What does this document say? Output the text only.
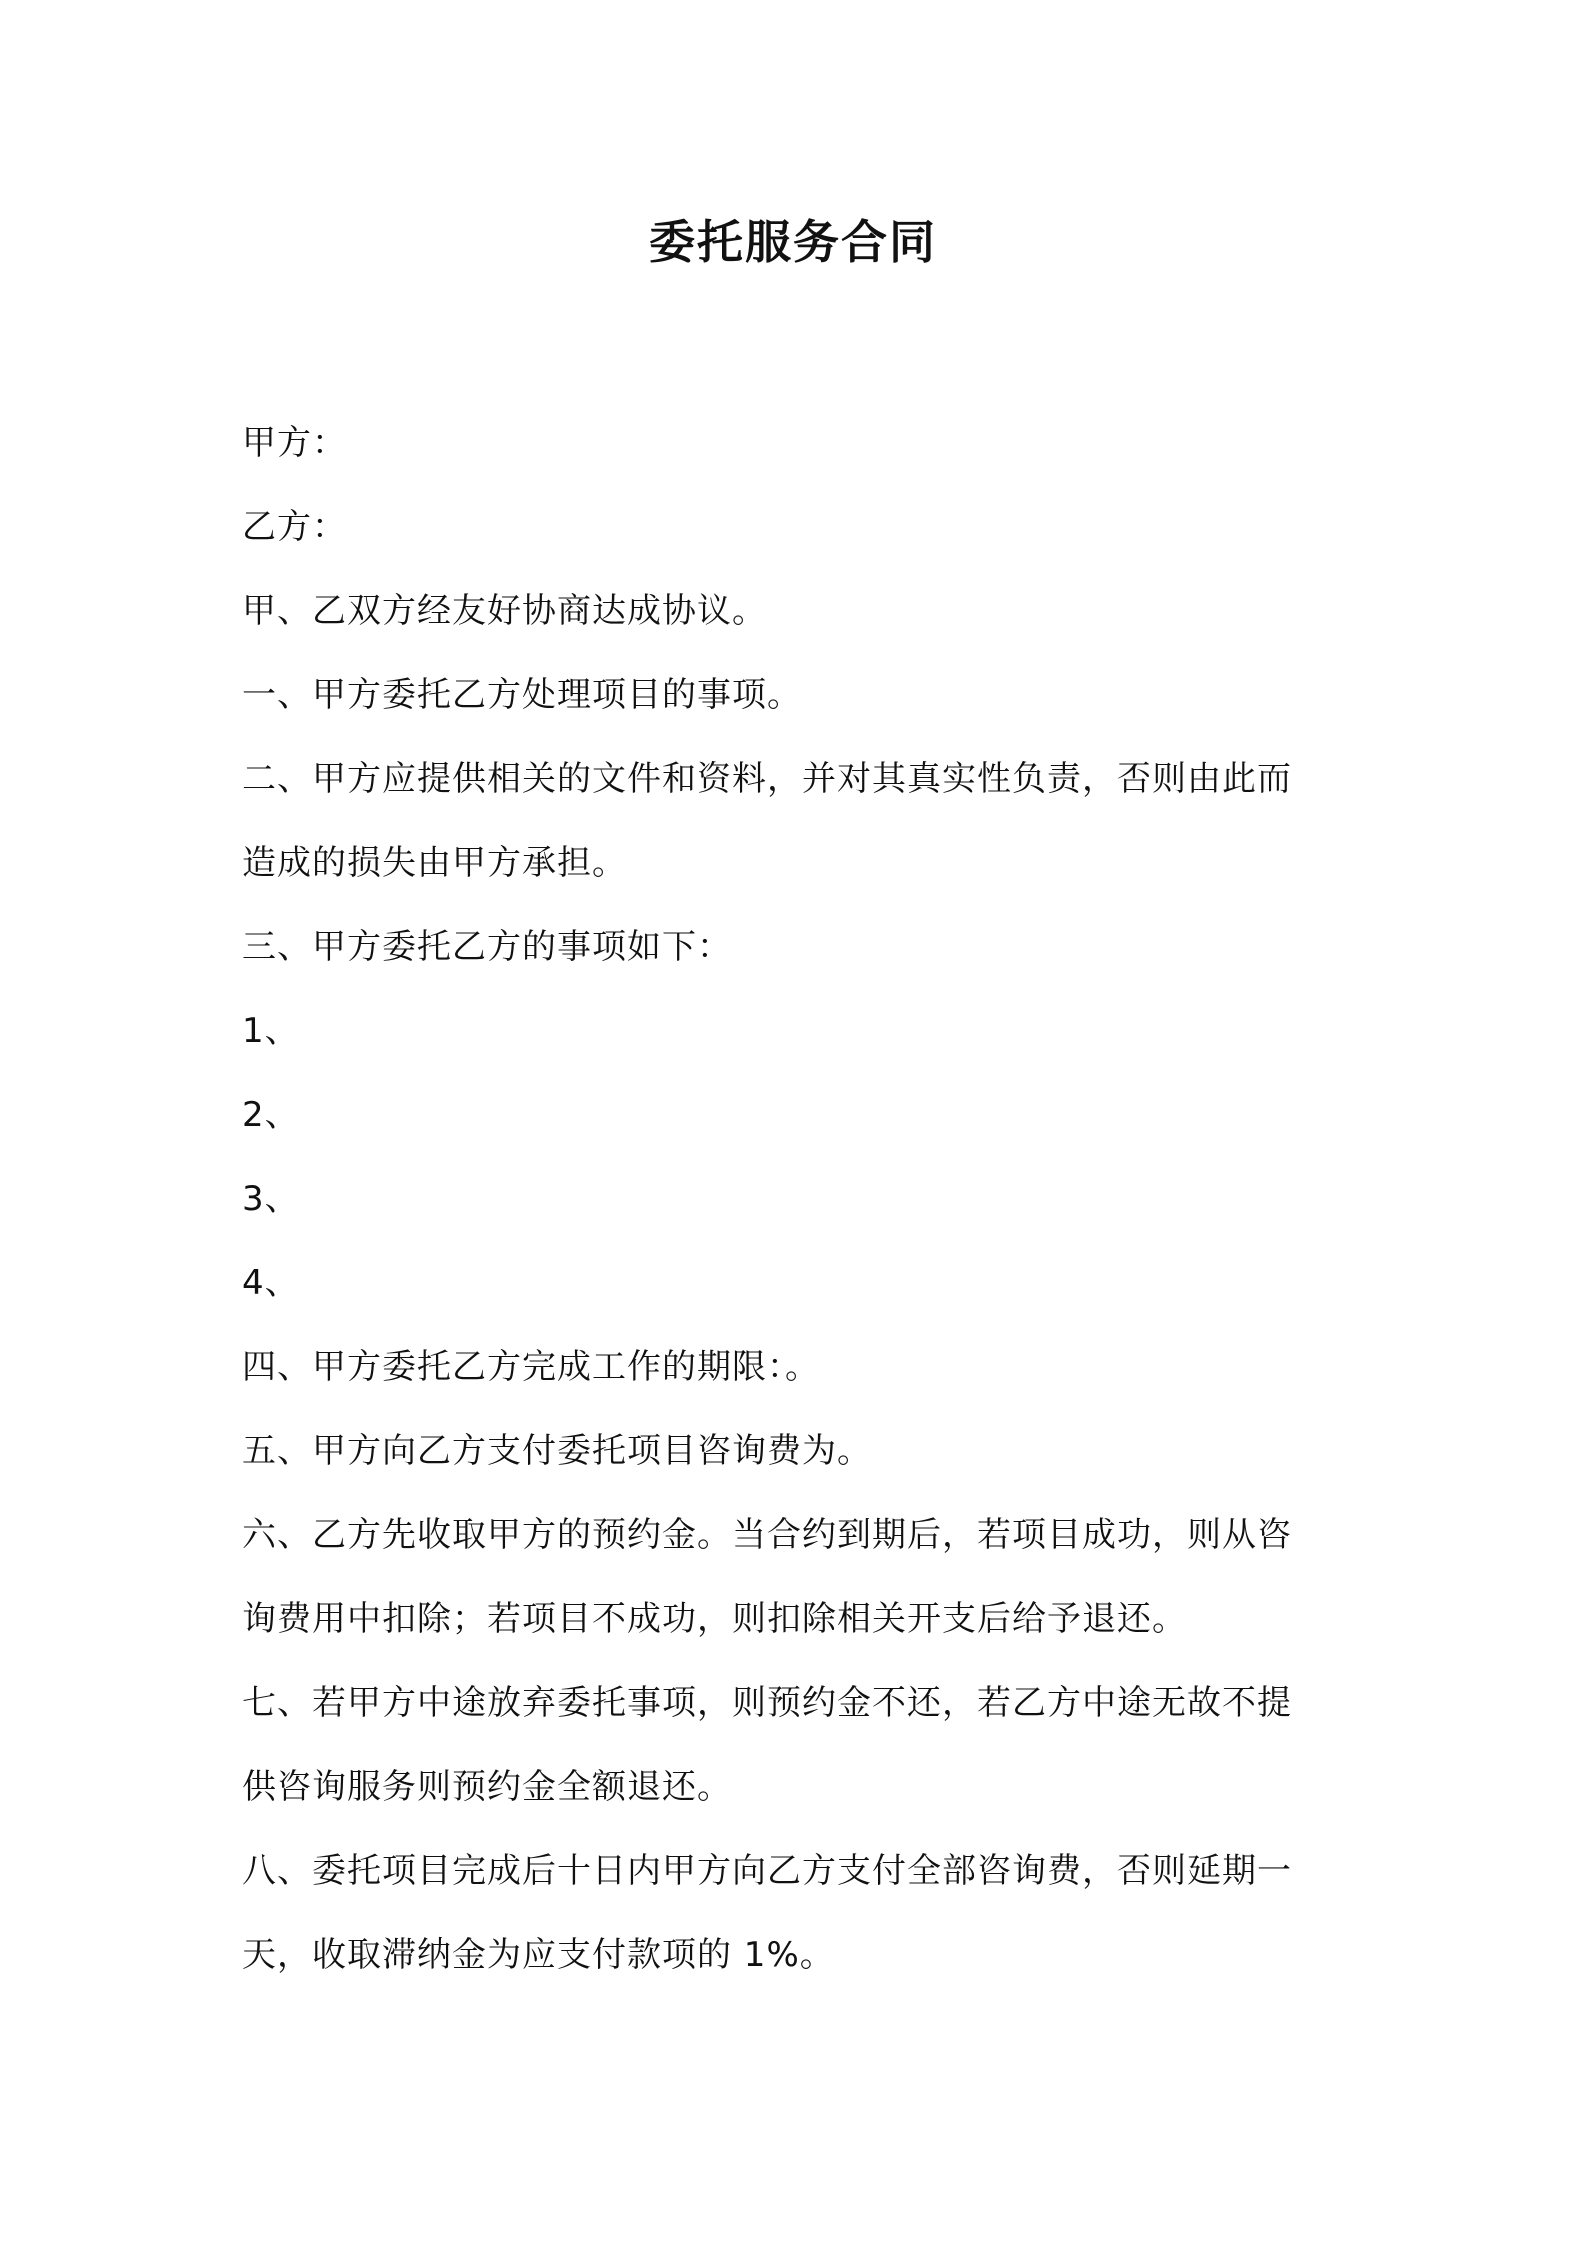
委托服务合同
甲方：
乙方：
甲、乙双方经友好协商达成协议。
一、甲方委托乙方处理项目的事项。
二、甲方应提供相关的文件和资料，并对其真实性负责，否则由此而
造成的损失由甲方承担。
三、甲方委托乙方的事项如下：
1、
2、
3、
4、
四、甲方委托乙方完成工作的期限：。
五、甲方向乙方支付委托项目咨询费为。
六、乙方先收取甲方的预约金。当合约到期后，若项目成功，则从咨
询费用中扣除；若项目不成功，则扣除相关开支后给予退还。
七、若甲方中途放弃委托事项，则预约金不还，若乙方中途无故不提
供咨询服务则预约金全额退还。
八、委托项目完成后十日内甲方向乙方支付全部咨询费，否则延期一
天，收取滞纳金为应支付款项的 1%。
